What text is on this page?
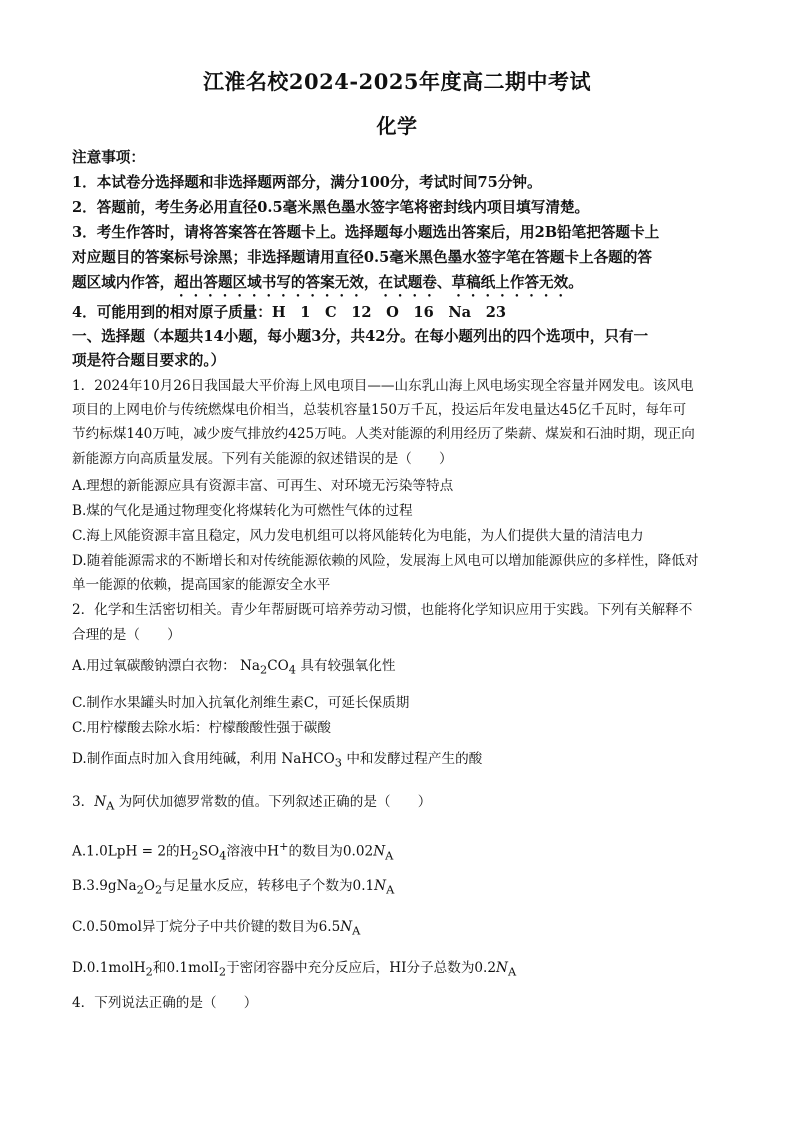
江淮名校2024-2025年度高二期中考试
化学
注意事项：
1．本试卷分选择题和非选择题两部分，满分100分，考试时间75分钟。
2．答题前，考生务必用直径0.5毫米黑色墨水签字笔将密封线内项目填写清楚。
3．考生作答时，请将答案答在答题卡上。选择题每小题选出答案后，用2B铅笔把答题卡上
对应题目的答案标号涂黑；非选择题请用直径0.5毫米黑色墨水签字笔在答题卡上各题的答
题区域内作答，超出答题区域书写的答案无效，在试题卷、草稿纸上作答无效。
4．可能用到的相对原子质量：H　1　C　12　O　16　Na　23
一、选择题（本题共14小题，每小题3分，共42分。在每小题列出的四个选项中，只有一
项是符合题目要求的。）
1．2024年10月26日我国最大平价海上风电项目——山东乳山海上风电场实现全容量并网发电。该风电
项目的上网电价与传统燃煤电价相当，总装机容量150万千瓦，投运后年发电量达45亿千瓦时，每年可
节约标煤140万吨，减少废气排放约425万吨。人类对能源的利用经历了柴薪、煤炭和石油时期，现正向
新能源方向高质量发展。下列有关能源的叙述错误的是（　　）
A.理想的新能源应具有资源丰富、可再生、对环境无污染等特点
B.煤的气化是通过物理变化将煤转化为可燃性气体的过程
C.海上风能资源丰富且稳定，风力发电机组可以将风能转化为电能，为人们提供大量的清洁电力
D.随着能源需求的不断增长和对传统能源依赖的风险，发展海上风电可以增加能源供应的多样性，降低对
单一能源的依赖，提高国家的能源安全水平
2．化学和生活密切相关。青少年帮厨既可培养劳动习惯，也能将化学知识应用于实践。下列有关解释不
合理的是（　　）
A.用过氧碳酸钠漂白衣物： $Na_2CO_4$ 具有较强氧化性
C.制作水果罐头时加入抗氧化剂维生素C，可延长保质期
C.用柠檬酸去除水垢：柠檬酸酸性强于碳酸
D.制作面点时加入食用纯碱，利用 NaHCO$_3$ 中和发酵过程产生的酸
3．$N_A$ 为阿伏加德罗常数的值。下列叙述正确的是（　　）
A.1.0LpH = 2的$H_2SO_4$溶液中H+的数目为$0.02N_A$
$B.3.9gNa_2O_2$与足量水反应，转移电子个数为$0.1N_A$
C.0.50mol异丁烷分子中共价键的数目为$6.5N_A$
D.0.1molH$_2$和0.1molI$_2$于密闭容器中充分反应后，HI分子总数为$0.2N_A$
4．下列说法正确的是（　　）
